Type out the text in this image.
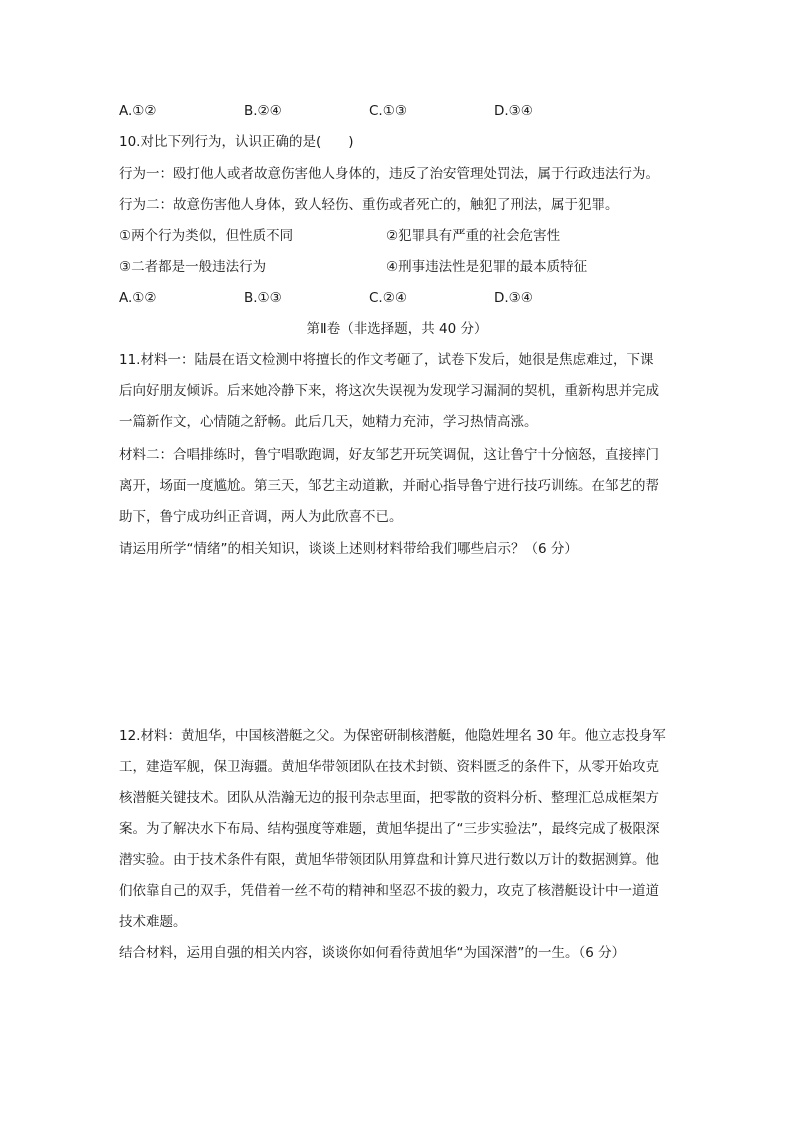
A.①②	B.②④	C.①③	D.③④
10.对比下列行为，认识正确的是(　　)
行为一：殴打他人或者故意伤害他人身体的，违反了治安管理处罚法，属于行政违法行为。
行为二：故意伤害他人身体，致人轻伤、重伤或者死亡的，触犯了刑法，属于犯罪。
①两个行为类似，但性质不同	②犯罪具有严重的社会危害性
③二者都是一般违法行为	④刑事违法性是犯罪的最本质特征
A.①②	B.①③	C.②④	D.③④
第Ⅱ卷（非选择题，共 40 分）
11.材料一：陆晨在语文检测中将擅长的作文考砸了，试卷下发后，她很是焦虑难过，下课
后向好朋友倾诉。后来她冷静下来，将这次失误视为发现学习漏洞的契机，重新构思并完成
一篇新作文，心情随之舒畅。此后几天，她精力充沛，学习热情高涨。
材料二：合唱排练时，鲁宁唱歌跑调，好友邹艺开玩笑调侃，这让鲁宁十分恼怒，直接摔门
离开，场面一度尴尬。第三天，邹艺主动道歉，并耐心指导鲁宁进行技巧训练。在邹艺的帮
助下，鲁宁成功纠正音调，两人为此欣喜不已。
请运用所学“情绪”的相关知识，谈谈上述则材料带给我们哪些启示？（6 分）
12.材料：黄旭华，中国核潜艇之父。为保密研制核潜艇，他隐姓埋名 30 年。他立志投身军
工，建造军舰，保卫海疆。黄旭华带领团队在技术封锁、资料匮乏的条件下，从零开始攻克
核潜艇关键技术。团队从浩瀚无边的报刊杂志里面，把零散的资料分析、整理汇总成框架方
案。为了解决水下布局、结构强度等难题，黄旭华提出了“三步实验法”，最终完成了极限深
潜实验。由于技术条件有限，黄旭华带领团队用算盘和计算尺进行数以万计的数据测算。他
们依靠自己的双手，凭借着一丝不苟的精神和坚忍不拔的毅力，攻克了核潜艇设计中一道道
技术难题。
结合材料，运用自强的相关内容，谈谈你如何看待黄旭华“为国深潜”的一生。（6 分）
